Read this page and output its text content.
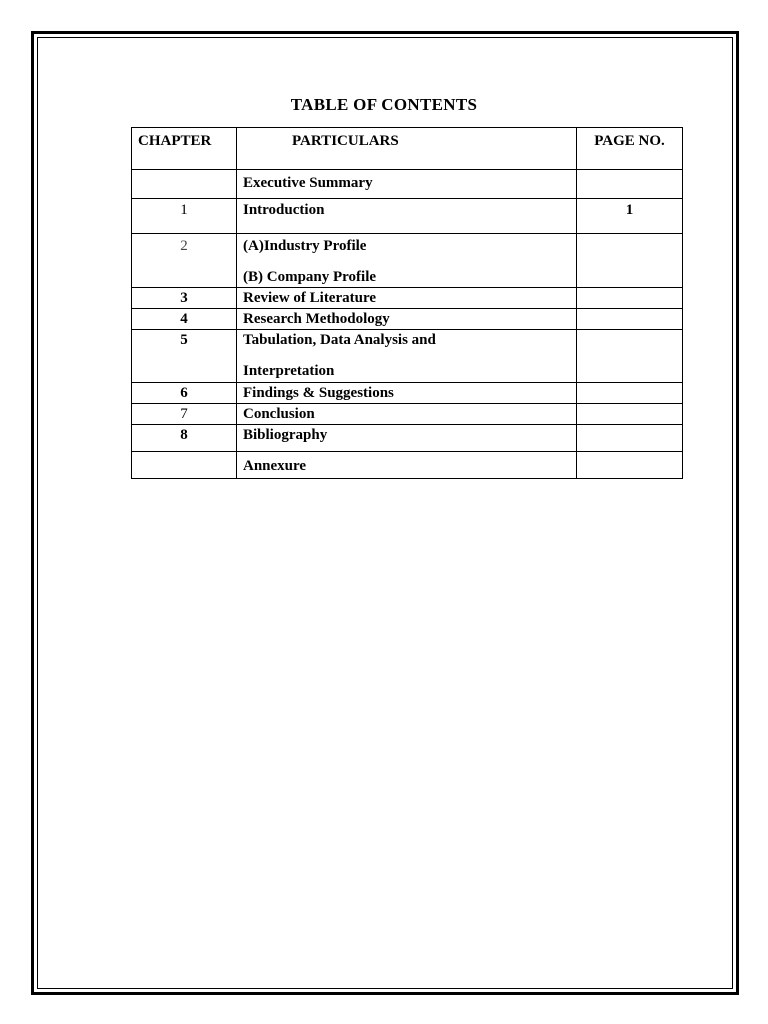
TABLE OF CONTENTS
CHAPTER	PARTICULARS	PAGE NO.
	Executive Summary	
1	Introduction	1
2	(A)Industry Profile
(B) Company Profile	

3	Review of Literature	
4	Research Methodology	
5	Tabulation, Data Analysis and
Interpretation	

6	Findings & Suggestions	
7	Conclusion	
8	Bibliography	
	Annexure	
